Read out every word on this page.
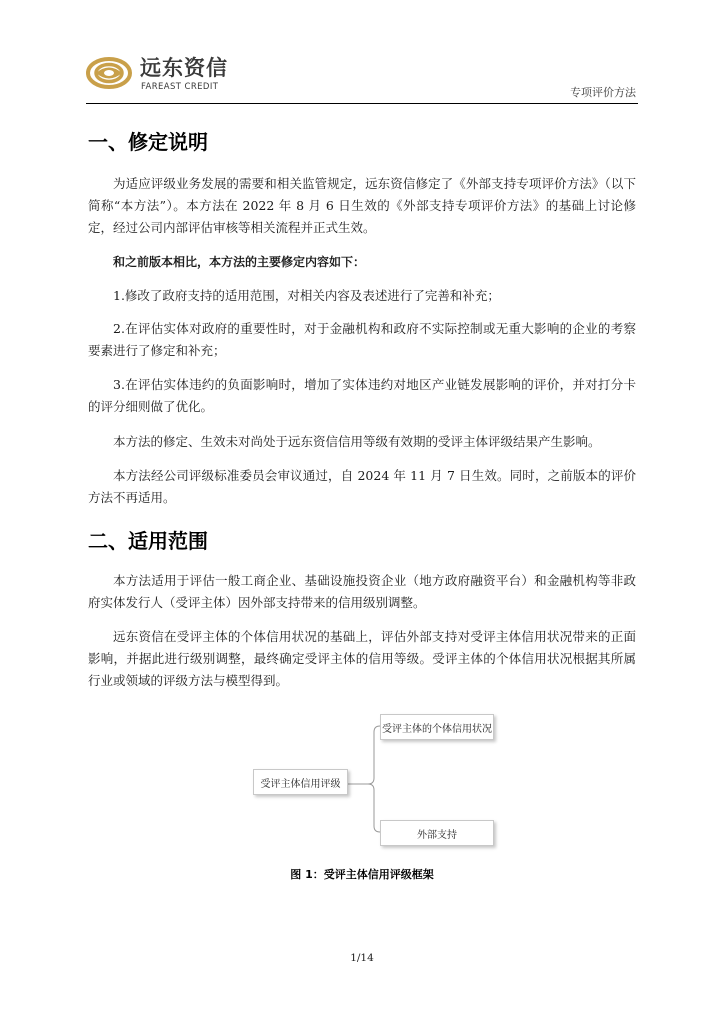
远东资信
FAREAST CREDIT	专项评价方法
一、修定说明

为适应评级业务发展的需要和相关监管规定，远东资信修定了《外部支持专项评价方法》（以下简称“本方法”）。本方法在 2022 年 8 月 6 日生效的《外部支持专项评价方法》的基础上讨论修定，经过公司内部评估审核等相关流程并正式生效。

和之前版本相比，本方法的主要修定内容如下：

1.修改了政府支持的适用范围，对相关内容及表述进行了完善和补充；

2.在评估实体对政府的重要性时，对于金融机构和政府不实际控制或无重大影响的企业的考察要素进行了修定和补充；

3.在评估实体违约的负面影响时，增加了实体违约对地区产业链发展影响的评价，并对打分卡的评分细则做了优化。

本方法的修定、生效未对尚处于远东资信信用等级有效期的受评主体评级结果产生影响。

本方法经公司评级标准委员会审议通过，自 2024 年 11 月 7 日生效。同时，之前版本的评价方法不再适用。

二、适用范围

本方法适用于评估一般工商企业、基础设施投资企业（地方政府融资平台）和金融机构等非政府实体发行人（受评主体）因外部支持带来的信用级别调整。

远东资信在受评主体的个体信用状况的基础上，评估外部支持对受评主体信用状况带来的正面影响，并据此进行级别调整，最终确定受评主体的信用等级。受评主体的个体信用状况根据其所属行业或领域的评级方法与模型得到。

受评主体信用评级
受评主体的个体信用状况
外部支持
图 1：受评主体信用评级框架
1/14
